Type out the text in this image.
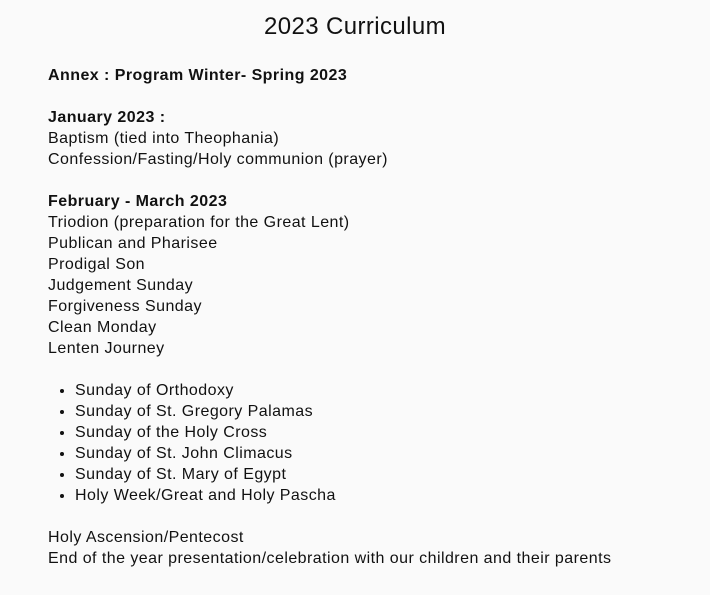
2023 Curriculum
Annex : Program Winter- Spring 2023
January 2023 :
Baptism (tied into Theophania)
Confession/Fasting/Holy communion (prayer)
February - March 2023
Triodion (preparation for the Great Lent)
Publican and Pharisee
Prodigal Son
Judgement Sunday
Forgiveness Sunday
Clean Monday
Lenten Journey
• Sunday of Orthodoxy
• Sunday of St. Gregory Palamas
• Sunday of the Holy Cross
• Sunday of St. John Climacus
• Sunday of St. Mary of Egypt
• Holy Week/Great and Holy Pascha
Holy Ascension/Pentecost
End of the year presentation/celebration with our children and their parents
